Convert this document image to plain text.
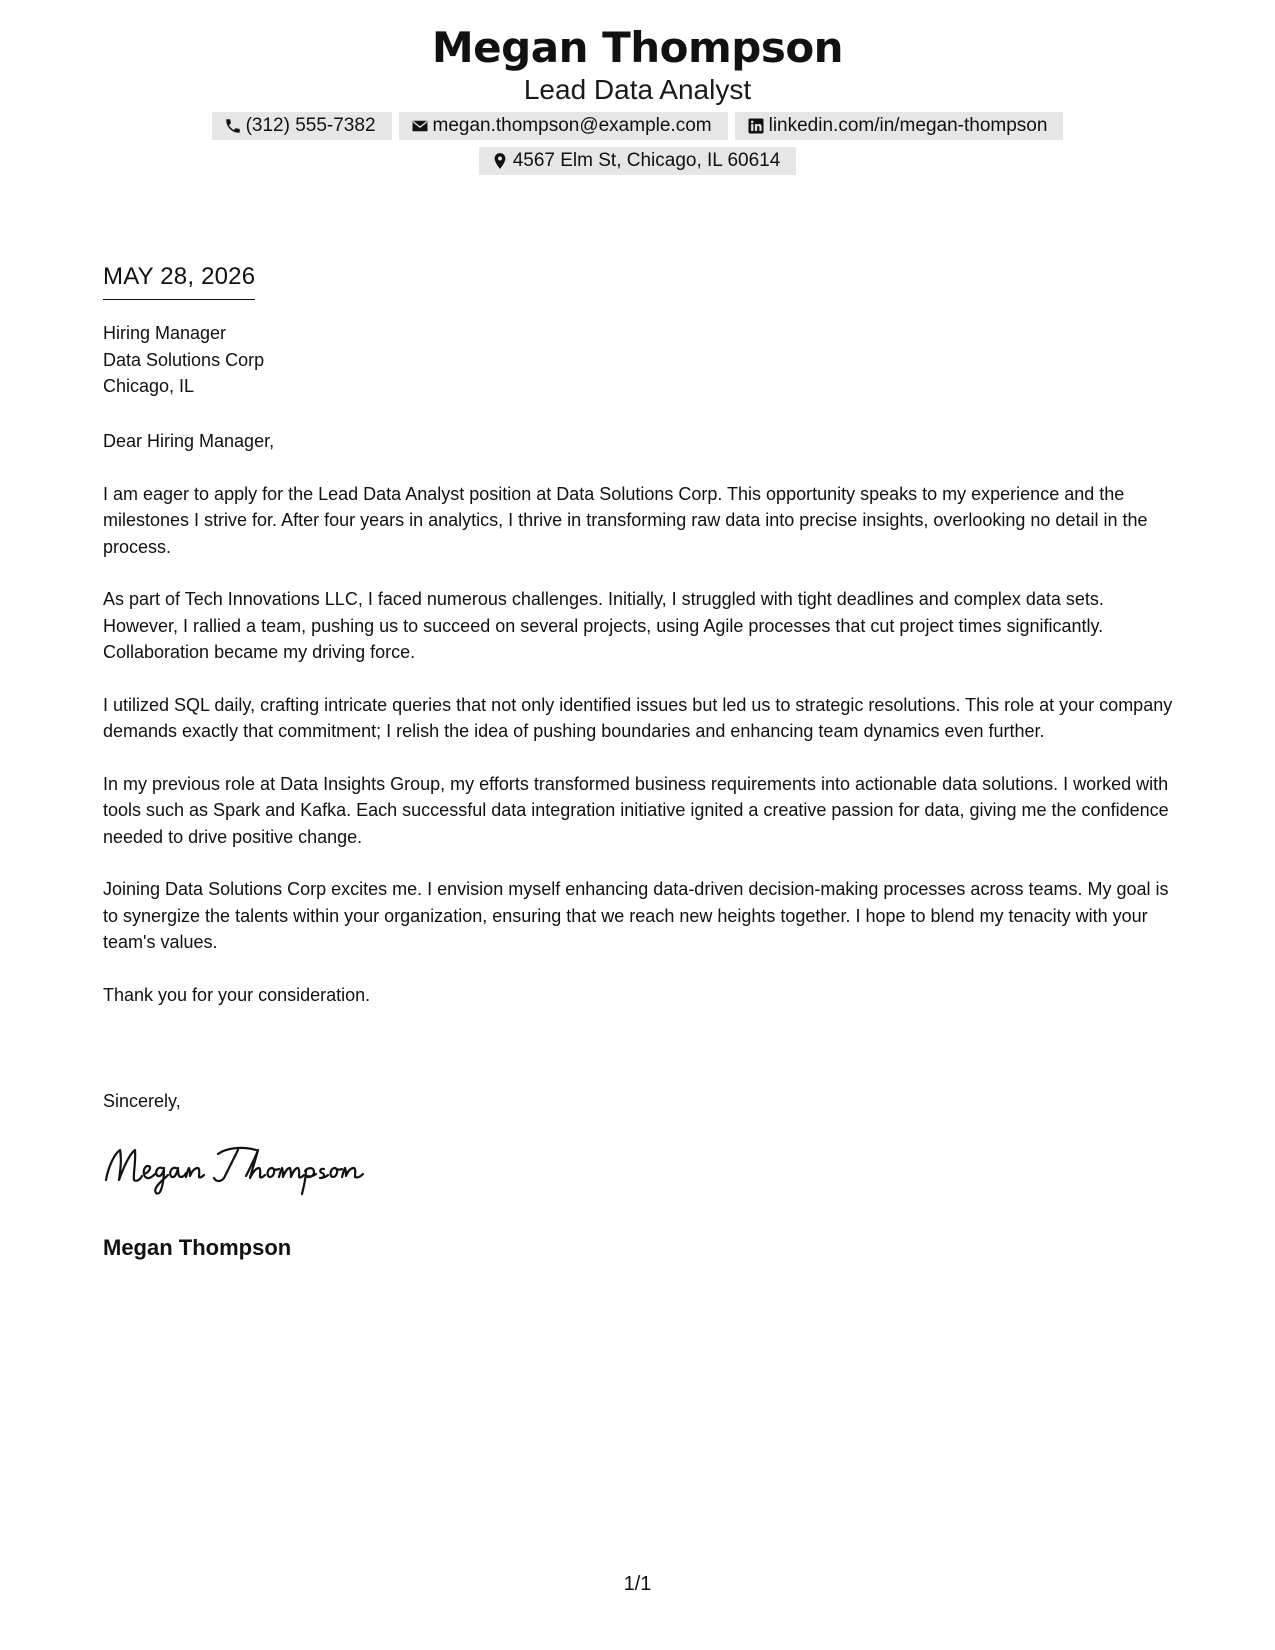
Megan Thompson
Lead Data Analyst
(312) 555-7382	megan.thompson@example.com	linkedin.com/in/megan-thompson
4567 Elm St, Chicago, IL 60614
MAY 28, 2026
Hiring Manager
Data Solutions Corp
Chicago, IL

Dear Hiring Manager,

I am eager to apply for the Lead Data Analyst position at Data Solutions Corp. This opportunity speaks to my experience and the milestones I strive for. After four years in analytics, I thrive in transforming raw data into precise insights, overlooking no detail in the process.

As part of Tech Innovations LLC, I faced numerous challenges. Initially, I struggled with tight deadlines and complex data sets. However, I rallied a team, pushing us to succeed on several projects, using Agile processes that cut project times significantly. Collaboration became my driving force.

I utilized SQL daily, crafting intricate queries that not only identified issues but led us to strategic resolutions. This role at your company demands exactly that commitment; I relish the idea of pushing boundaries and enhancing team dynamics even further.

In my previous role at Data Insights Group, my efforts transformed business requirements into actionable data solutions. I worked with tools such as Spark and Kafka. Each successful data integration initiative ignited a creative passion for data, giving me the confidence needed to drive positive change.

Joining Data Solutions Corp excites me. I envision myself enhancing data-driven decision-making processes across teams. My goal is to synergize the talents within your organization, ensuring that we reach new heights together. I hope to blend my tenacity with your team's values.

Thank you for your consideration.

Sincerely,
Megan Thompson
1/1
